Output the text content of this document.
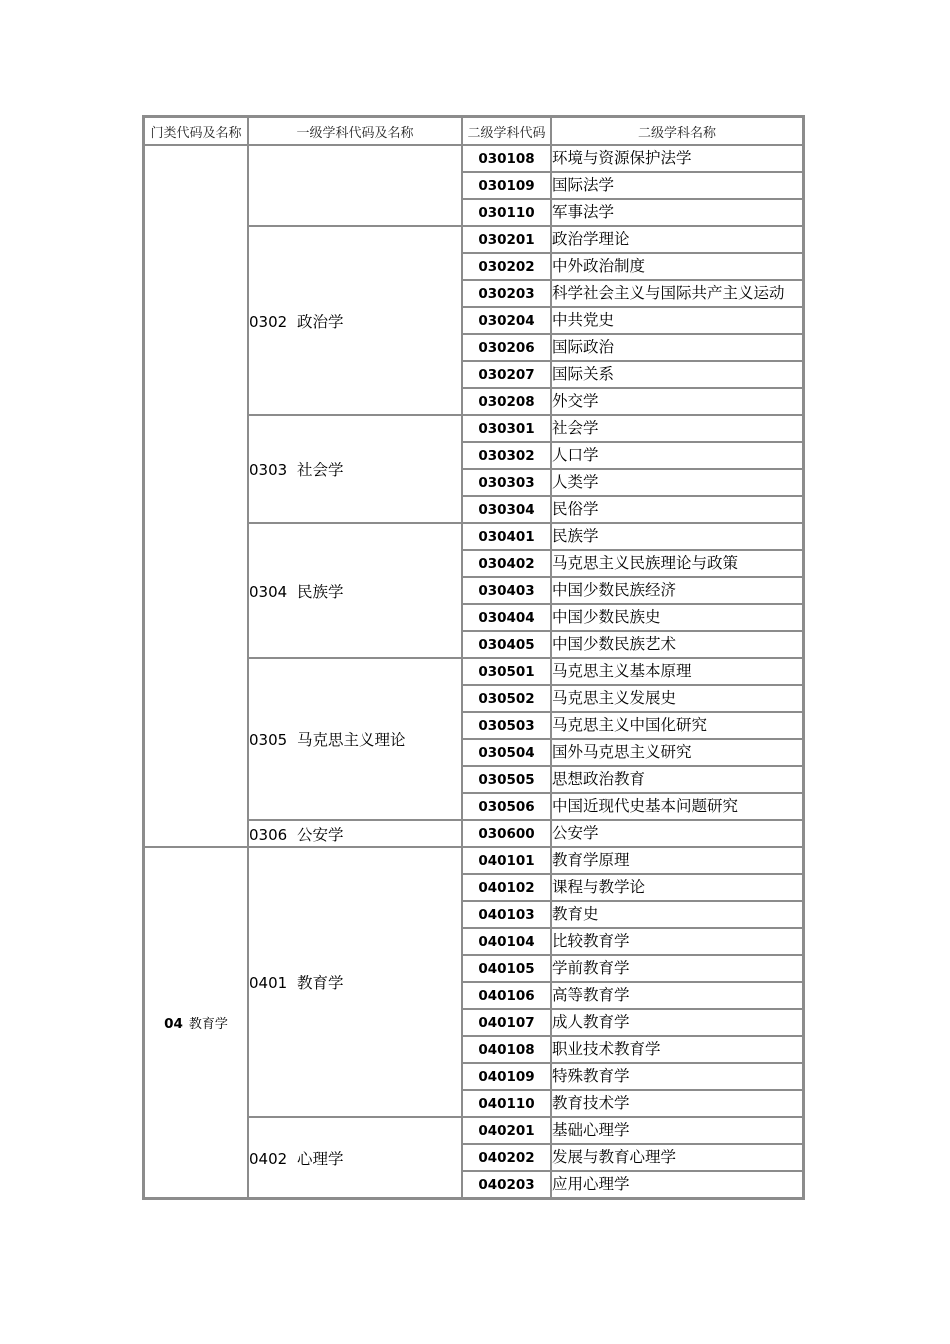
门类代码及名称	一级学科代码及名称	二级学科代码	二级学科名称
		030108	环境与资源保护法学
		030109	国际法学
		030110	军事法学
	0302 政治学	030201	政治学理论
		030202	中外政治制度
		030203	科学社会主义与国际共产主义运动
		030204	中共党史
		030206	国际政治
		030207	国际关系
		030208	外交学
	0303 社会学	030301	社会学
		030302	人口学
		030303	人类学
		030304	民俗学
	0304 民族学	030401	民族学
		030402	马克思主义民族理论与政策
		030403	中国少数民族经济
		030404	中国少数民族史
		030405	中国少数民族艺术
	0305 马克思主义理论	030501	马克思主义基本原理
		030502	马克思主义发展史
		030503	马克思主义中国化研究
		030504	国外马克思主义研究
		030505	思想政治教育
		030506	中国近现代史基本问题研究
	0306 公安学	030600	公安学
04 教育学	0401 教育学	040101	教育学原理
		040102	课程与教学论
		040103	教育史
		040104	比较教育学
		040105	学前教育学
		040106	高等教育学
		040107	成人教育学
		040108	职业技术教育学
		040109	特殊教育学
		040110	教育技术学
	0402 心理学	040201	基础心理学
		040202	发展与教育心理学
		040203	应用心理学
